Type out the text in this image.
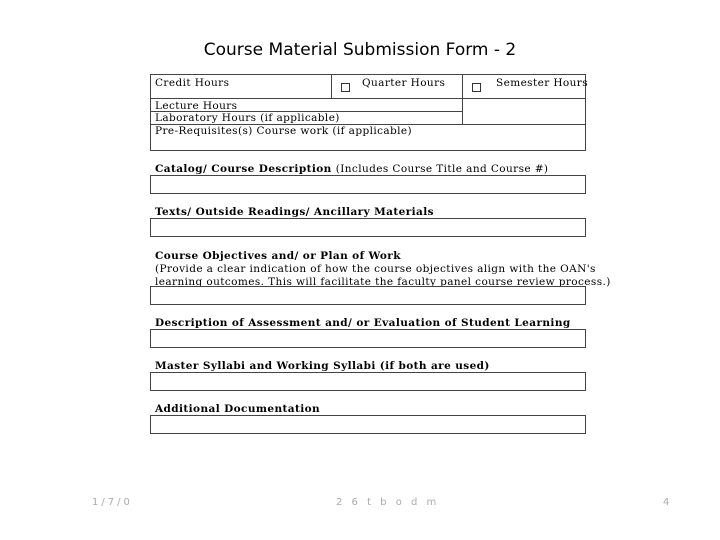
Course Material Submission Form - 2
Credit Hours	Quarter Hours	Semester Hours
Lecture Hours
Laboratory Hours (if applicable)
Pre-Requisites(s) Course work (if applicable)
Catalog/ Course Description (Includes Course Title and Course #)
Texts/ Outside Readings/ Ancillary Materials
Course Objectives and/ or Plan of Work
(Provide a clear indication of how the course objectives align with the OAN's
learning outcomes. This will facilitate the faculty panel course review process.)
Description of Assessment and/ or Evaluation of Student Learning
Master Syllabi and Working Syllabi (if both are used)
Additional Documentation
1/7/0	2 6 t b o d m	4
